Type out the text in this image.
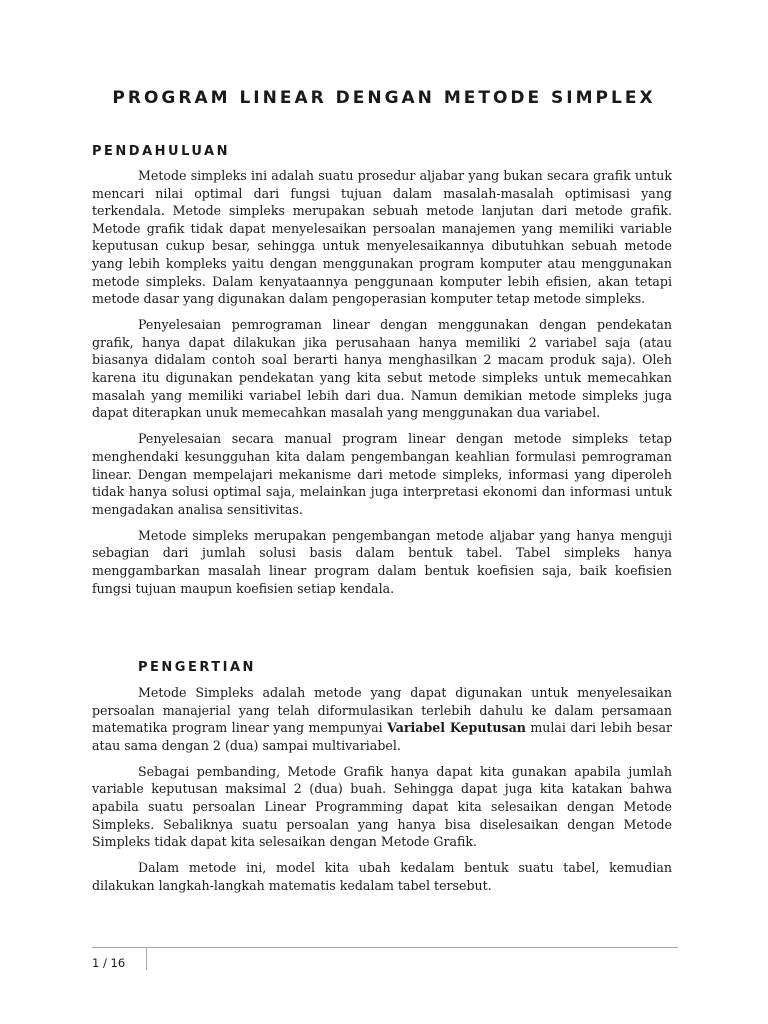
PROGRAM LINEAR DENGAN METODE SIMPLEX
PENDAHULUAN

Metode simpleks ini adalah suatu prosedur aljabar yang bukan secara grafik untuk mencari nilai optimal dari fungsi tujuan dalam masalah-masalah optimisasi yang terkendala. Metode simpleks merupakan sebuah metode lanjutan dari metode grafik. Metode grafik tidak dapat menyelesaikan persoalan manajemen yang memiliki variable keputusan cukup besar, sehingga untuk menyelesaikannya dibutuhkan sebuah metode yang lebih kompleks yaitu dengan menggunakan program komputer atau menggunakan metode simpleks. Dalam kenyataannya penggunaan komputer lebih efisien, akan tetapi metode dasar yang digunakan dalam pengoperasian komputer tetap metode simpleks.

Penyelesaian pemrograman linear dengan menggunakan dengan pendekatan grafik, hanya dapat dilakukan jika perusahaan hanya memiliki 2 variabel saja (atau biasanya didalam contoh soal berarti hanya menghasilkan 2 macam produk saja). Oleh karena itu digunakan pendekatan yang kita sebut metode simpleks untuk memecahkan masalah yang memiliki variabel lebih dari dua. Namun demikian metode simpleks juga dapat diterapkan unuk memecahkan masalah yang menggunakan dua variabel.

Penyelesaian secara manual program linear dengan metode simpleks tetap menghendaki kesungguhan kita dalam pengembangan keahlian formulasi pemrograman linear. Dengan mempelajari mekanisme dari metode simpleks, informasi yang diperoleh tidak hanya solusi optimal saja, melainkan juga interpretasi ekonomi dan informasi untuk mengadakan analisa sensitivitas.

Metode simpleks merupakan pengembangan metode aljabar yang hanya menguji sebagian dari jumlah solusi basis dalam bentuk tabel. Tabel simpleks hanya menggambarkan masalah linear program dalam bentuk koefisien saja, baik koefisien fungsi tujuan maupun koefisien setiap kendala.

PENGERTIAN

Metode Simpleks adalah metode yang dapat digunakan untuk menyelesaikan persoalan manajerial yang telah diformulasikan terlebih dahulu ke dalam persamaan matematika program linear yang mempunyai Variabel Keputusan mulai dari lebih besar atau sama dengan 2 (dua) sampai multivariabel.

Sebagai pembanding, Metode Grafik hanya dapat kita gunakan apabila jumlah variable keputusan maksimal 2 (dua) buah. Sehingga dapat juga kita katakan bahwa apabila suatu persoalan Linear Programming dapat kita selesaikan dengan Metode Simpleks. Sebaliknya suatu persoalan yang hanya bisa diselesaikan dengan Metode Simpleks tidak dapat kita selesaikan dengan Metode Grafik.

Dalam metode ini, model kita ubah kedalam bentuk suatu tabel, kemudian dilakukan langkah-langkah matematis kedalam tabel tersebut.

1 / 16
